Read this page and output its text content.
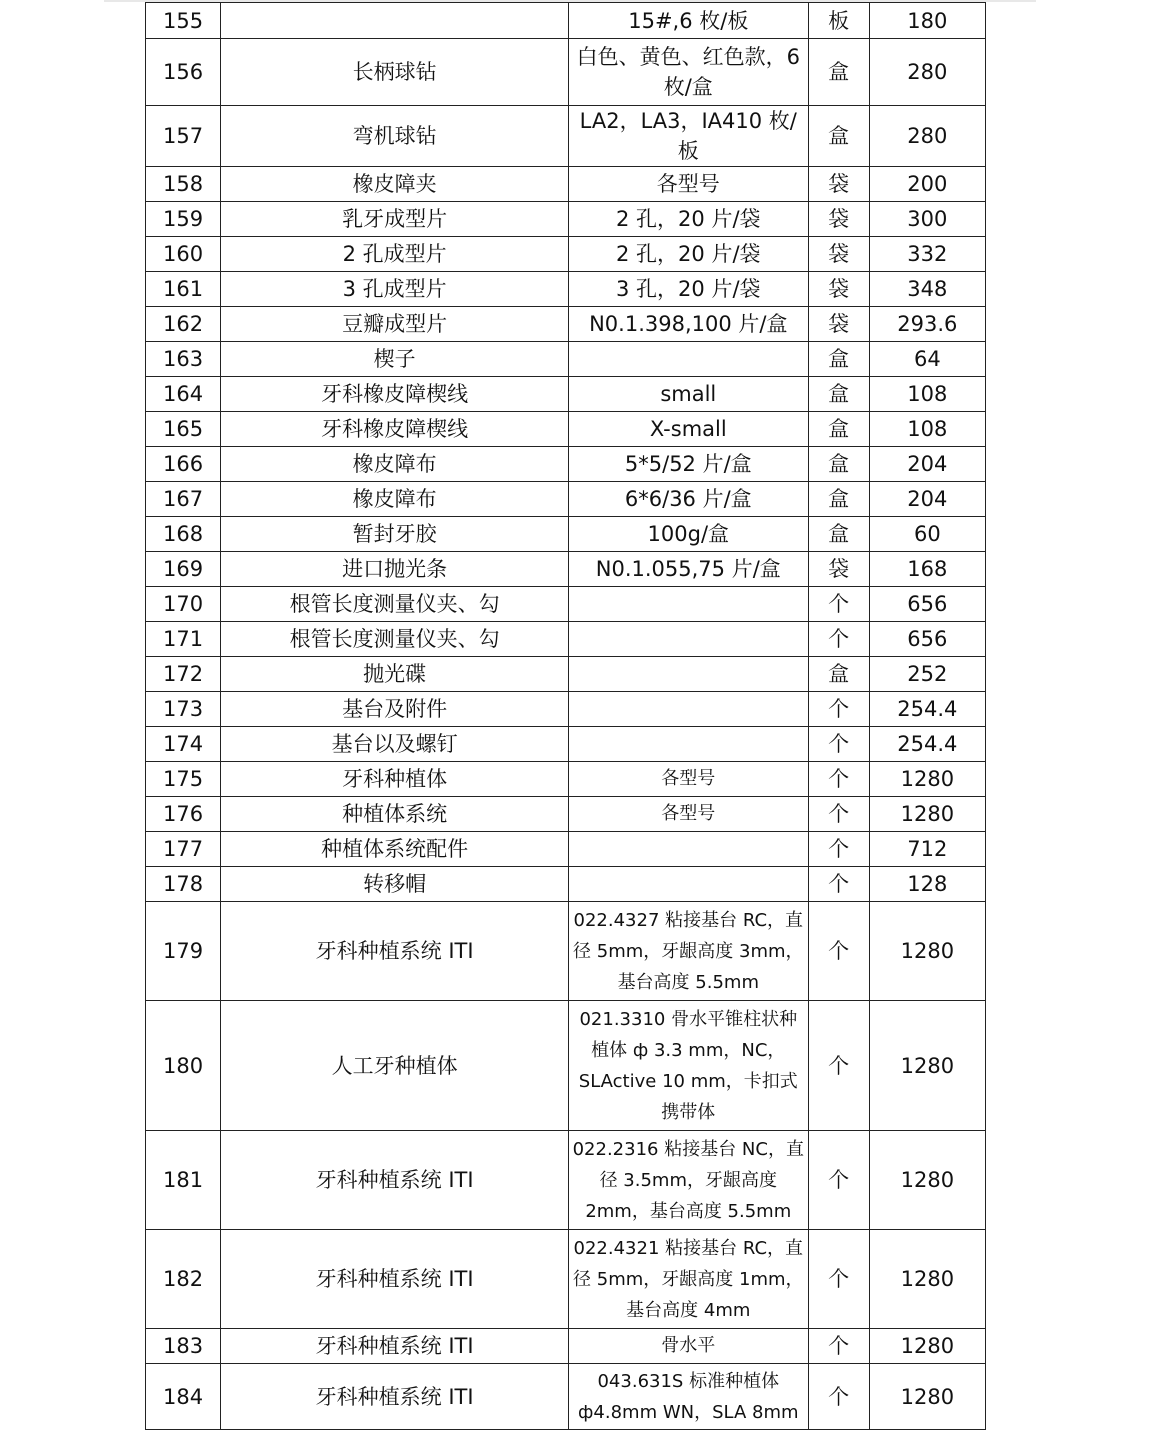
155		15#,6 枚/板	板	180
156	长柄球钻	白色、黄色、红色款，6枚/盒	盒	280
157	弯机球钻	LA2，LA3，IA410 枚/板	盒	280
158	橡皮障夹	各型号	袋	200
159	乳牙成型片	2 孔，20 片/袋	袋	300
160	2 孔成型片	2 孔，20 片/袋	袋	332
161	3 孔成型片	3 孔，20 片/袋	袋	348
162	豆瓣成型片	N0.1.398,100 片/盒	袋	293.6
163	楔子		盒	64
164	牙科橡皮障楔线	small	盒	108
165	牙科橡皮障楔线	X-small	盒	108
166	橡皮障布	5*5/52 片/盒	盒	204
167	橡皮障布	6*6/36 片/盒	盒	204
168	暂封牙胶	100g/盒	盒	60
169	进口抛光条	N0.1.055,75 片/盒	袋	168
170	根管长度测量仪夹、勾		个	656
171	根管长度测量仪夹、勾		个	656
172	抛光碟		盒	252
173	基台及附件		个	254.4
174	基台以及螺钉		个	254.4
175	牙科种植体	各型号	个	1280
176	种植体系统	各型号	个	1280
177	种植体系统配件		个	712
178	转移帽		个	128
179	牙科种植系统 ITI	022.4327 粘接基台 RC，直径 5mm，牙龈高度 3mm，基台高度 5.5mm	个	1280
180	人工牙种植体	021.3310 骨水平锥柱状种植体 ф 3.3 mm，NC，SLActive 10 mm，卡扣式携带体	个	1280
181	牙科种植系统 ITI	022.2316 粘接基台 NC，直径 3.5mm，牙龈高度 2mm，基台高度 5.5mm	个	1280
182	牙科种植系统 ITI	022.4321 粘接基台 RC，直径 5mm，牙龈高度 1mm，基台高度 4mm	个	1280
183	牙科种植系统 ITI	骨水平	个	1280
184	牙科种植系统 ITI	043.631S 标准种植体 ф4.8mm WN，SLA 8mm	个	1280
